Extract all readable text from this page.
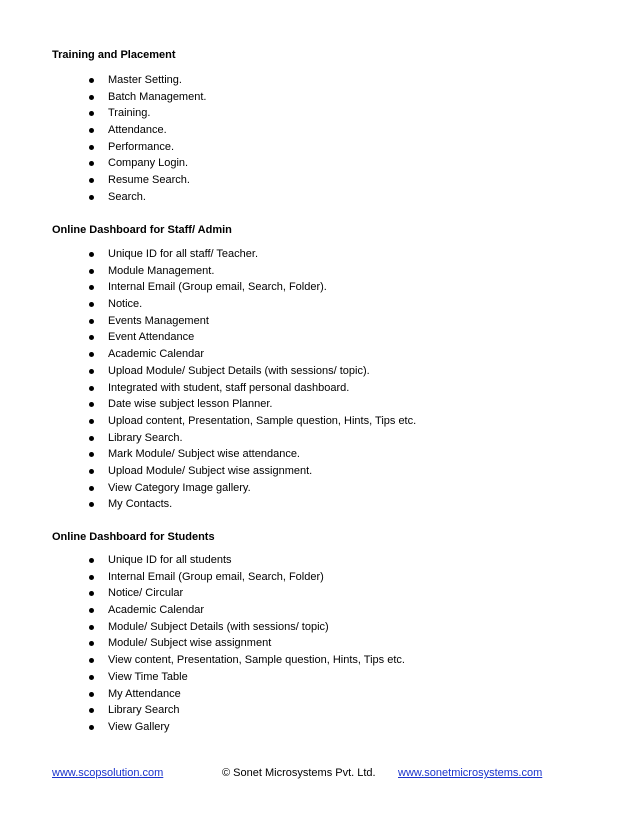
Training and Placement
Master Setting.
Batch Management.
Training.
Attendance.
Performance.
Company Login.
Resume Search.
Search.
Online Dashboard for Staff/ Admin
Unique ID for all staff/ Teacher.
Module Management.
Internal Email (Group email, Search, Folder).
Notice.
Events Management
Event Attendance
Academic Calendar
Upload Module/ Subject Details (with sessions/ topic).
Integrated with student, staff personal dashboard.
Date wise subject lesson Planner.
Upload content, Presentation, Sample question, Hints, Tips etc.
Library Search.
Mark Module/ Subject wise attendance.
Upload Module/ Subject wise assignment.
View Category Image gallery.
My Contacts.
Online Dashboard for Students
Unique ID for all students
Internal Email (Group email, Search, Folder)
Notice/ Circular
Academic Calendar
Module/ Subject Details (with sessions/ topic)
Module/ Subject wise assignment
View content, Presentation, Sample question, Hints, Tips etc.
View Time Table
My Attendance
Library Search
View Gallery
www.scopsolution.com	© Sonet Microsystems Pvt. Ltd. www.sonetmicrosystems.com
